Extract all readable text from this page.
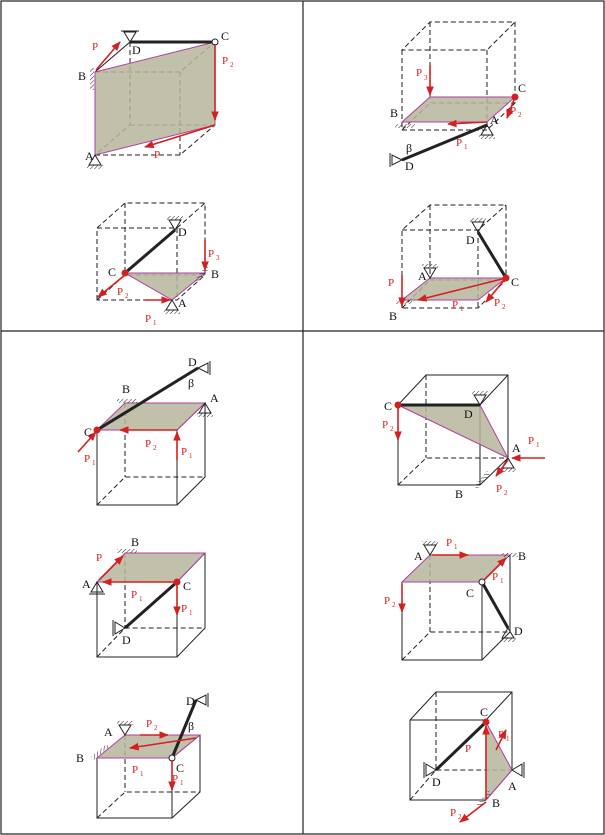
A
B
C
D
P
P 2
P
A
B
C
D
β
P 3
P 1
P 2
A
B
C
D
P 3
P 2
P 1
A
B
C
D
P
P 1	P 2
A
B
C
D
β
P 1
P 2 P 1
A
B
C
D
P 2
P 1
P 2
A
B
C
D
P
P 1
P 1
A	B
C
D
P 1
P 2
P 1
A
B
C
D
β
P 2
P 1	P 1	A
B
C
D
P
P 1
P 2
